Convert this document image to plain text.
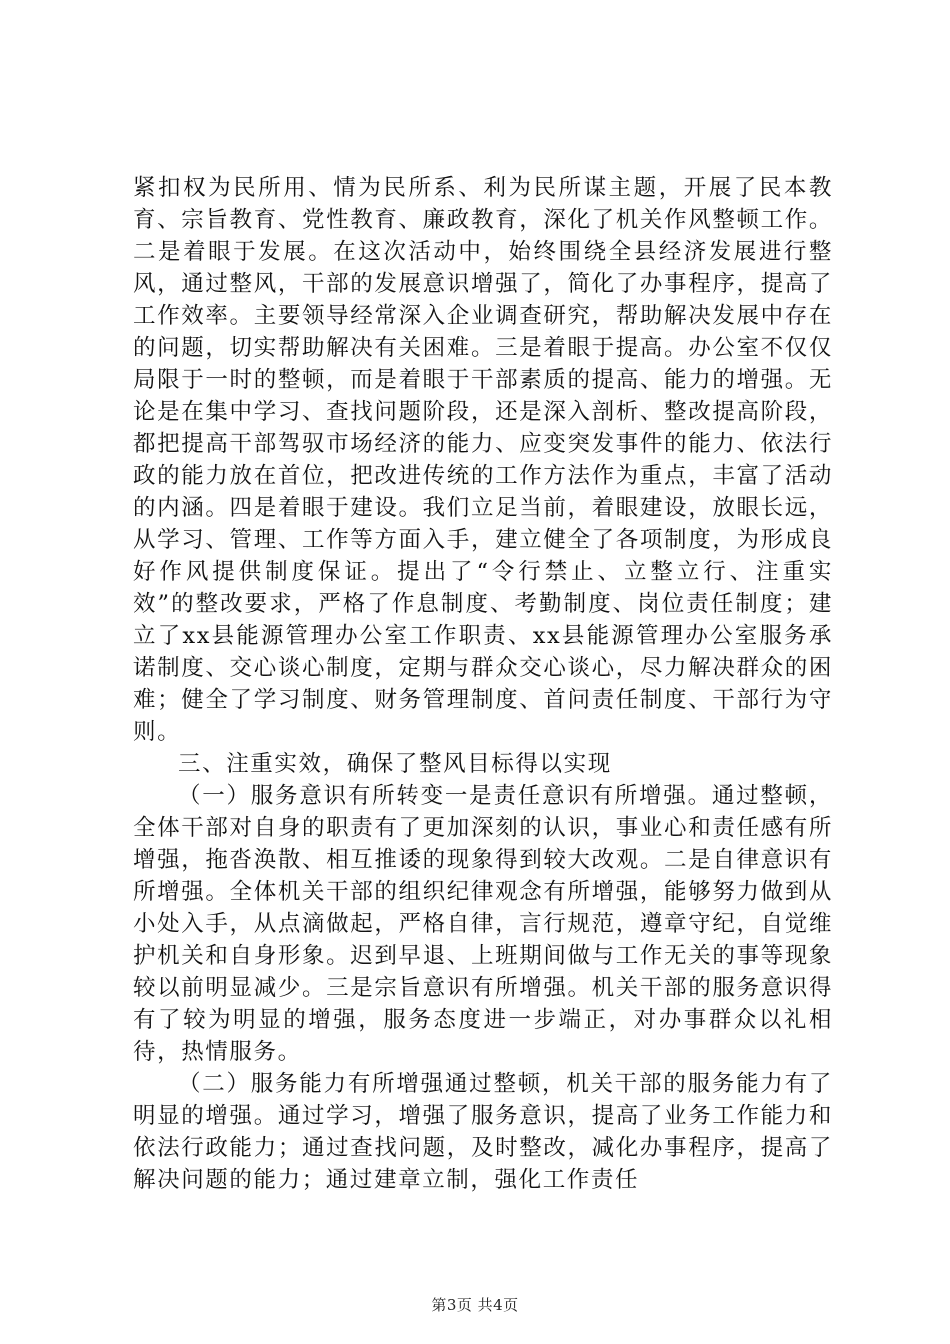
紧扣权为民所用、情为民所系、利为民所谋主题，开展了民本教育、宗旨教育、党性教育、廉政教育，深化了机关作风整顿工作。二是着眼于发展。在这次活动中，始终围绕全县经济发展进行整风，通过整风，干部的发展意识增强了，简化了办事程序，提高了工作效率。主要领导经常深入企业调查研究，帮助解决发展中存在的问题，切实帮助解决有关困难。三是着眼于提高。办公室不仅仅局限于一时的整顿，而是着眼于干部素质的提高、能力的增强。无论是在集中学习、查找问题阶段，还是深入剖析、整改提高阶段，都把提高干部驾驭市场经济的能力、应变突发事件的能力、依法行政的能力放在首位，把改进传统的工作方法作为重点，丰富了活动的内涵。四是着眼于建设。我们立足当前，着眼建设，放眼长远，从学习、管理、工作等方面入手，建立健全了各项制度，为形成良好作风提供制度保证。提出了“令行禁止、立整立行、注重实效”的整改要求，严格了作息制度、考勤制度、岗位责任制度；建立了xx县能源管理办公室工作职责、xx县能源管理办公室服务承诺制度、交心谈心制度，定期与群众交心谈心，尽力解决群众的困难；健全了学习制度、财务管理制度、首问责任制度、干部行为守则。

三、注重实效，确保了整风目标得以实现

（一）服务意识有所转变一是责任意识有所增强。通过整顿，全体干部对自身的职责有了更加深刻的认识，事业心和责任感有所增强，拖沓涣散、相互推诿的现象得到较大改观。二是自律意识有所增强。全体机关干部的组织纪律观念有所增强，能够努力做到从小处入手，从点滴做起，严格自律，言行规范，遵章守纪，自觉维护机关和自身形象。迟到早退、上班期间做与工作无关的事等现象较以前明显减少。三是宗旨意识有所增强。机关干部的服务意识得有了较为明显的增强，服务态度进一步端正，对办事群众以礼相待，热情服务。

（二）服务能力有所增强通过整顿，机关干部的服务能力有了明显的增强。通过学习，增强了服务意识，提高了业务工作能力和依法行政能力；通过查找问题，及时整改，减化办事程序，提高了解决问题的能力；通过建章立制，强化工作责任

第3页 共4页
